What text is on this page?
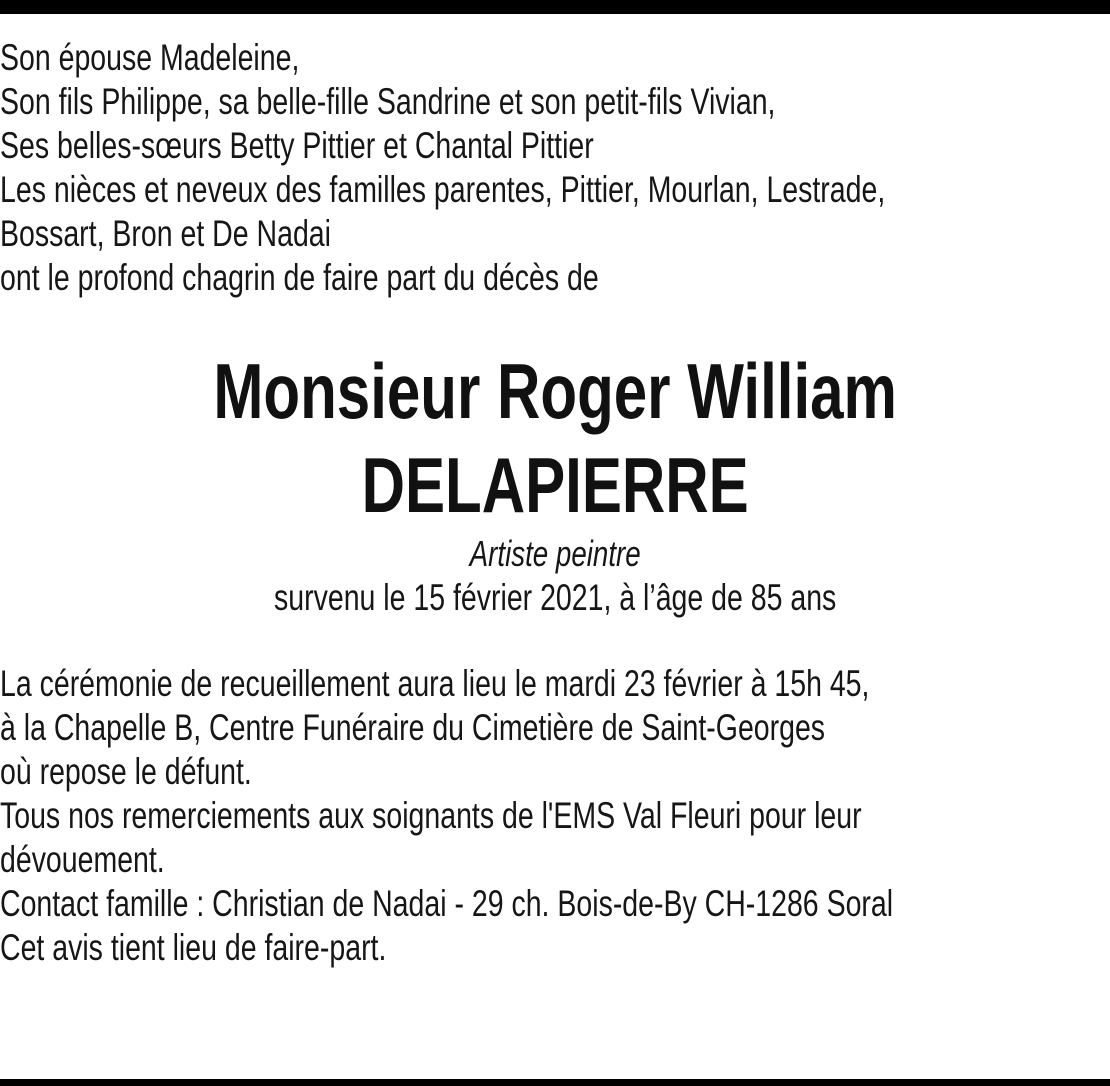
Son épouse Madeleine,

Son fils Philippe, sa belle-fille Sandrine et son petit-fils Vivian,

Ses belles-sœurs Betty Pittier et Chantal Pittier

Les nièces et neveux des familles parentes, Pittier, Mourlan, Lestrade,

Bossart, Bron et De Nadai

ont le profond chagrin de faire part du décès de

Monsieur Roger William
DELAPIERRE

Artiste peintre

survenu le 15 février 2021, à l’âge de 85 ans

La cérémonie de recueillement aura lieu le mardi 23 février à 15h 45,

à la Chapelle B, Centre Funéraire du Cimetière de Saint-Georges

où repose le défunt.

Tous nos remerciements aux soignants de l'EMS Val Fleuri pour leur

dévouement.

Contact famille : Christian de Nadai - 29 ch. Bois-de-By CH-1286 Soral

Cet avis tient lieu de faire-part.
